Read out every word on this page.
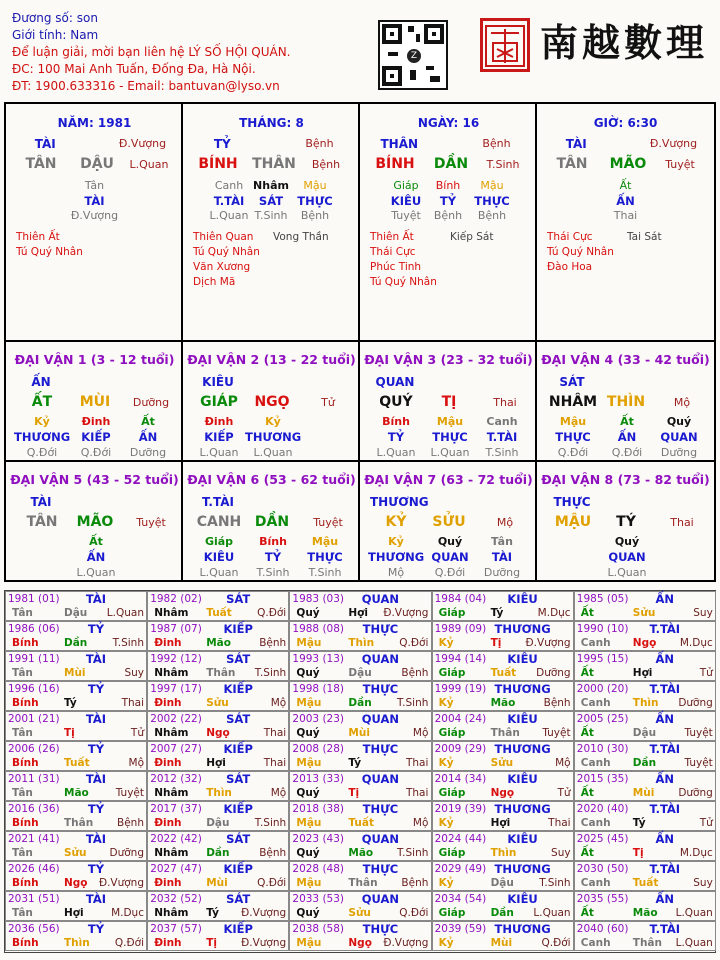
Đương số: son
Giới tính: Nam
Để luận giải, mời bạn liên hệ LÝ SỐ HỘI QUÁN.
ĐC: 100 Mai Anh Tuấn, Đống Đa, Hà Nội.
ĐT: 1900.633316 - Email: bantuvan@lyso.vn
Z	南越數理
NĂM: 1981
TÀI	Đ.Vượng
TÂN	DẬU	L.Quan
Tân
TÀI
Đ.Vượng
Thiên Ất
Tú Quý Nhân
THÁNG: 8
TỶ	Bệnh
BÍNH	THÂN	Bệnh
Canh
T.TÀI
L.Quan
Nhâm
SÁT
T.Sinh
Mậu
THỰC
Bệnh
Thiên Quan Vong Thần
Tú Quý Nhân
Văn Xương
Dịch Mã
NGÀY: 16
THÂN	Bệnh
BÍNH	DẦN	T.Sinh
Giáp
KIÊU
Tuyệt
Bính
TỶ
Bệnh
Mậu
THỰC
Bệnh
Thiên Ất	Kiếp Sát
Thái Cực
Phúc Tinh
Tú Quý Nhân
GIỜ: 6:30
TÀI	Đ.Vượng
TÂN	MÃO	Tuyệt
Ất
ẤN
Thai
Thái Cực	Tai Sát
Tú Quý Nhân
Đào Hoa
ĐẠI VẬN 1 (3 - 12 tuổi)
ẤN
ẤT	MÙI	Dưỡng
Kỷ
THƯƠNG
Q.Đới
Đinh
KIẾP
Q.Đới
Ất
ẤN
Dưỡng
ĐẠI VẬN 2 (13 - 22 tuổi)
KIÊU
GIÁP	NGỌ	Tử
Đinh
KIẾP
L.Quan
Kỷ
THƯƠNG
L.Quan
ĐẠI VẬN 3 (23 - 32 tuổi)
QUAN
QUÝ	TỊ	Thai
Bính
TỶ
L.Quan
Mậu
THỰC
L.Quan
Canh
T.TÀI
T.Sinh
ĐẠI VẬN 4 (33 - 42 tuổi)
SÁT
NHÂM THÌN	Mộ
Mậu
THỰC
Q.Đới
Ất
ẤN
Q.Đới
Quý
QUAN
Dưỡng
ĐẠI VẬN 5 (43 - 52 tuổi)
TÀI
TÂN	MÃO	Tuyệt
Ất
ẤN
L.Quan
ĐẠI VẬN 6 (53 - 62 tuổi)
T.TÀI
CANH DẦN	Tuyệt
Giáp
KIÊU
L.Quan
Bính
TỶ
T.Sinh
Mậu
THỰC
T.Sinh
ĐẠI VẬN 7 (63 - 72 tuổi)
THƯƠNG
KỶ	SỬU	Mộ
Kỷ
THƯƠNG
Mộ
Quý
QUAN
Q.Đới
Tân
TÀI
Dưỡng
ĐẠI VẬN 8 (73 - 82 tuổi)
THỰC
MẬU	TÝ	Thai
Quý
QUAN
L.Quan
1981 (01)	TÀI
Tân	Dậu	L.Quan
1982 (02)	SÁT
Nhâm Tuất	Q.Đới
1983 (03)	QUAN
Quý	Hợi	Đ.Vượng
1984 (04)	KIÊU
Giáp Tý	M.Dục
1985 (05)	ẤN
Ất	Sửu	Suy
1986 (06)	TỶ
Bính Dần	T.Sinh
1987 (07)	KIẾP
Đinh Mão	Bệnh
1988 (08)	THỰC
Mậu	Thìn	Q.Đới
1989 (09) THƯƠNG
Kỷ	Tị	Đ.Vượng
1990 (10)	T.TÀI
Canh Ngọ	M.Dục
1991 (11)	TÀI
Tân	Mùi	Suy
1992 (12)	SÁT
Nhâm Thân	T.Sinh
1993 (13)	QUAN
Quý	Dậu	Bệnh
1994 (14)	KIÊU
Giáp Tuất	Dưỡng
1995 (15)	ẤN
Ất	Hợi	Tử
1996 (16)	TỶ
Bính Tý	Thai
1997 (17)	KIẾP
Đinh Sửu	Mộ
1998 (18)	THỰC
Mậu	Dần	T.Sinh
1999 (19) THƯƠNG
Kỷ	Mão	Bệnh
2000 (20)	T.TÀI
Canh Thìn	Dưỡng
2001 (21)	TÀI
Tân	Tị	Tử
2002 (22)	SÁT
Nhâm Ngọ	Thai
2003 (23)	QUAN
Quý	Mùi	Mộ
2004 (24)	KIÊU
Giáp Thân	Tuyệt
2005 (25)	ẤN
Ất	Dậu	Tuyệt
2006 (26)	TỶ
Bính Tuất	Mộ
2007 (27)	KIẾP
Đinh Hợi	Thai
2008 (28)	THỰC
Mậu	Tý	Thai
2009 (29) THƯƠNG
Kỷ	Sửu	Mộ
2010 (30)	T.TÀI
Canh Dần	Tuyệt
2011 (31)	TÀI
Tân	Mão	Tuyệt
2012 (32)	SÁT
Nhâm Thìn	Mộ
2013 (33)	QUAN
Quý	Tị	Thai
2014 (34)	KIÊU
Giáp Ngọ	Tử
2015 (35)	ẤN
Ất	Mùi	Dưỡng
2016 (36)	TỶ
Bính Thân	Bệnh
2017 (37)	KIẾP
Đinh Dậu	T.Sinh
2018 (38)	THỰC
Mậu	Tuất	Mộ
2019 (39) THƯƠNG
Kỷ	Hợi	Thai
2020 (40)	T.TÀI
Canh Tý	Tử
2021 (41)	TÀI
Tân	Sửu	Dưỡng
2022 (42)	SÁT
Nhâm Dần	Bệnh
2023 (43)	QUAN
Quý	Mão	T.Sinh
2024 (44)	KIÊU
Giáp Thìn	Suy
2025 (45)	ẤN
Ất	Tị	M.Dục
2026 (46)	TỶ
Bính Ngọ	Đ.Vượng
2027 (47)	KIẾP
Đinh Mùi	Q.Đới
2028 (48)	THỰC
Mậu	Thân	Bệnh
2029 (49) THƯƠNG
Kỷ	Dậu	T.Sinh
2030 (50)	T.TÀI
Canh Tuất	Suy
2031 (51)	TÀI
Tân	Hợi	M.Dục
2032 (52)	SÁT
Nhâm Tý	Đ.Vượng
2033 (53)	QUAN
Quý	Sửu	Q.Đới
2034 (54)	KIÊU
Giáp Dần	L.Quan
2035 (55)	ẤN
Ất	Mão	L.Quan
2036 (56)	TỶ
Bính Thìn	Q.Đới
2037 (57)	KIẾP
Đinh Tị	Đ.Vượng
2038 (58)	THỰC
Mậu	Ngọ	Đ.Vượng
2039 (59) THƯƠNG
Kỷ	Mùi	Q.Đới
2040 (60)	T.TÀI
Canh Thân	L.Quan
